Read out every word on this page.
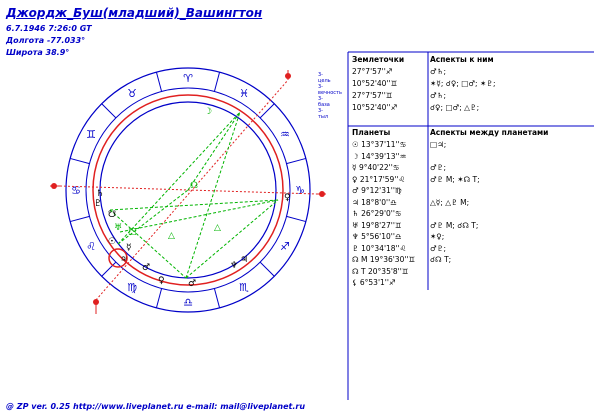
Джордж_Буш(младший)_Вашингтон
6.7.1946 7:26:0 GT
Долгота -77.033°
Широта 38.9°
♓
♒
♑
♐
♏
♎
♍
♌
♋
♊
♉
♈
☋
♇
♄
♅
☉
☿
♃
♂
♀	♂
♆
♃
♀
☊
☽
△
△
□
3-цель
3-вечность
3-база
3-тыл
Землеточки	Аспекты к ним
27°7'57''♐	♂♄;
10°52'40''♊	✶☿; ☌♀; □♂; ✶♇;
27°7'57''♊	♂♄;
10°52'40''♐	☌♀; □♂; △♇;
Планеты	Аспекты между планетами
☉ 13°37'11''♋	□♃;
☽ 14°39'13''♒
☿ 9°40'22''♋	♂♇;
♀ 21°17'59''♌	♂♇ M; ✶☊ T;
♂ 9°12'31''♍
♃ 18°8'0''♎	△☿; △♇ M;
♄ 26°29'0''♋
♅ 19°8'27''♊	♂♇ M; ☌☊ T;
♆ 5°56'10''♎	✶♀;
♇ 10°34'18''♌	♂♇;
☊ M 19°36'30''♊ ☌☊ T;
☊ T 20°35'8''♊
⚸ 6°53'1''♐
@ ZP ver. 0.25 http://www.liveplanet.ru e-mail: mail@liveplanet.ru
